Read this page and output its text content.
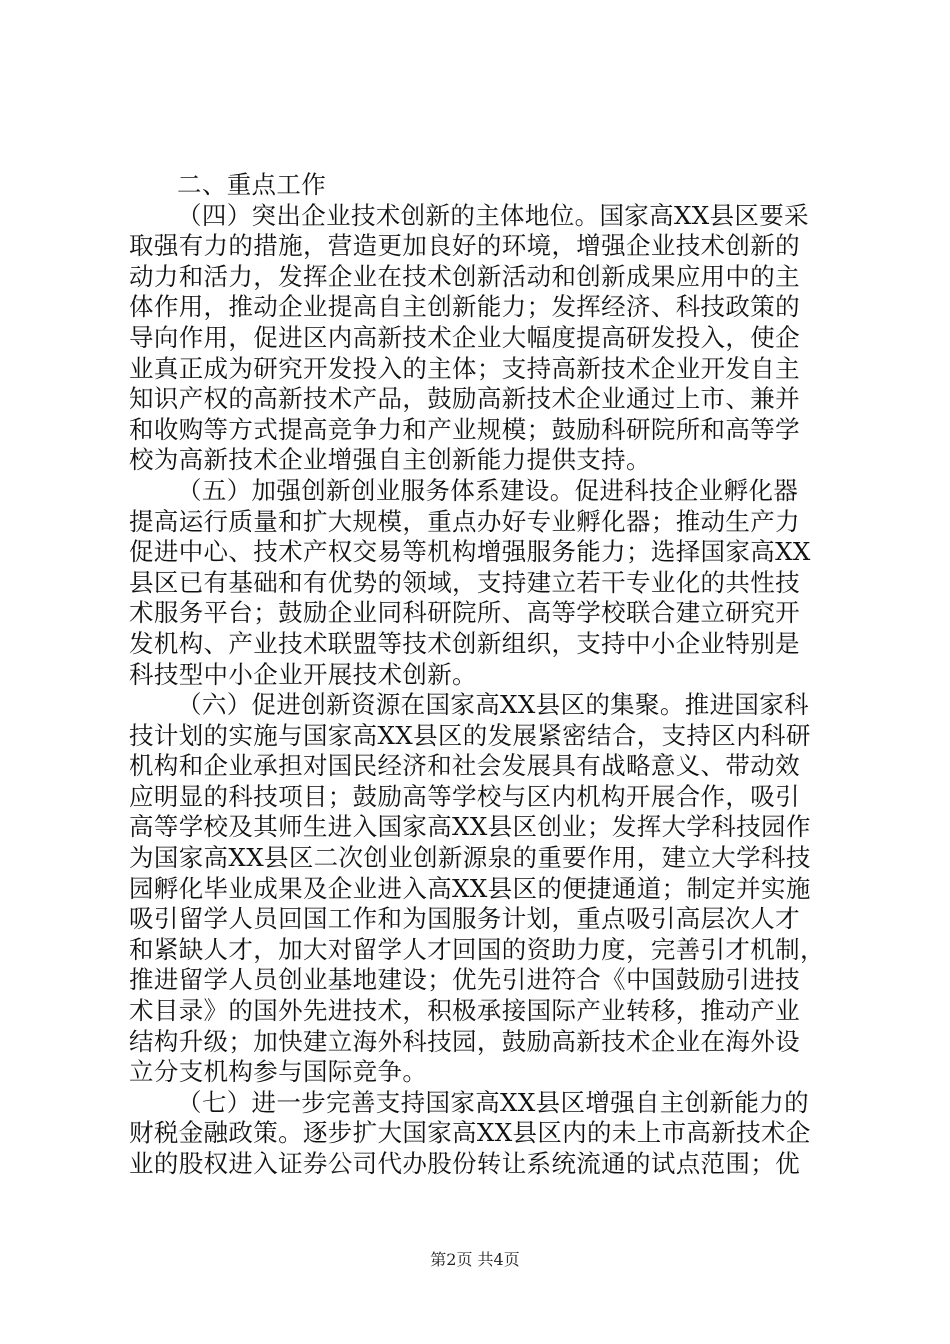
二、重点工作
（四）突出企业技术创新的主体地位。国家高XX县区要采
取强有力的措施，营造更加良好的环境，增强企业技术创新的
动力和活力，发挥企业在技术创新活动和创新成果应用中的主
体作用，推动企业提高自主创新能力；发挥经济、科技政策的
导向作用，促进区内高新技术企业大幅度提高研发投入，使企
业真正成为研究开发投入的主体；支持高新技术企业开发自主
知识产权的高新技术产品，鼓励高新技术企业通过上市、兼并
和收购等方式提高竞争力和产业规模；鼓励科研院所和高等学
校为高新技术企业增强自主创新能力提供支持。
（五）加强创新创业服务体系建设。促进科技企业孵化器
提高运行质量和扩大规模，重点办好专业孵化器；推动生产力
促进中心、技术产权交易等机构增强服务能力；选择国家高XX
县区已有基础和有优势的领域，支持建立若干专业化的共性技
术服务平台；鼓励企业同科研院所、高等学校联合建立研究开
发机构、产业技术联盟等技术创新组织，支持中小企业特别是
科技型中小企业开展技术创新。
（六）促进创新资源在国家高XX县区的集聚。推进国家科
技计划的实施与国家高XX县区的发展紧密结合，支持区内科研
机构和企业承担对国民经济和社会发展具有战略意义、带动效
应明显的科技项目；鼓励高等学校与区内机构开展合作，吸引
高等学校及其师生进入国家高XX县区创业；发挥大学科技园作
为国家高XX县区二次创业创新源泉的重要作用，建立大学科技
园孵化毕业成果及企业进入高XX县区的便捷通道；制定并实施
吸引留学人员回国工作和为国服务计划，重点吸引高层次人才
和紧缺人才，加大对留学人才回国的资助力度，完善引才机制，
推进留学人员创业基地建设；优先引进符合《中国鼓励引进技
术目录》的国外先进技术，积极承接国际产业转移，推动产业
结构升级；加快建立海外科技园，鼓励高新技术企业在海外设
立分支机构参与国际竞争。
（七）进一步完善支持国家高XX县区增强自主创新能力的
财税金融政策。逐步扩大国家高XX县区内的未上市高新技术企
业的股权进入证券公司代办股份转让系统流通的试点范围；优
第2页 共4页
